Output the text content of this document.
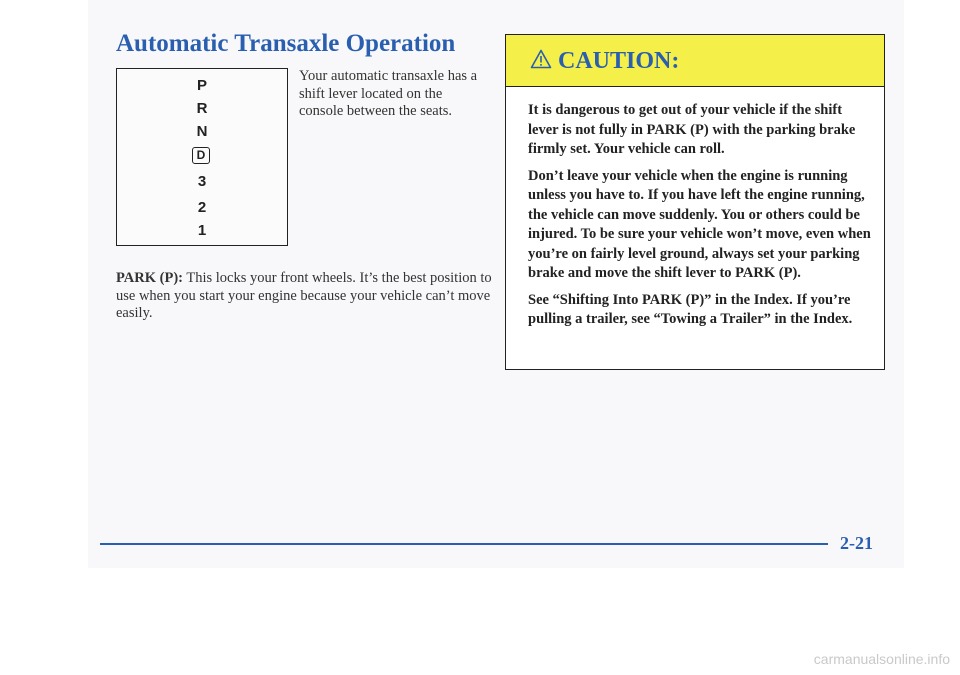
Automatic Transaxle Operation
P
R
N
D
3
2
1

Your automatic transaxle has a shift lever located on the console between the seats.

PARK (P): This locks your front wheels. It’s the best position to use when you start your engine because your vehicle can’t move easily.

CAUTION:

It is dangerous to get out of your vehicle if the shift lever is not fully in PARK (P) with the parking brake firmly set. Your vehicle can roll.

Don’t leave your vehicle when the engine is running unless you have to. If you have left the engine running, the vehicle can move suddenly. You or others could be injured. To be sure your vehicle won’t move, even when you’re on fairly level ground, always set your parking brake and move the shift lever to PARK (P).

See “Shifting Into PARK (P)” in the Index. If you’re pulling a trailer, see “Towing a Trailer” in the Index.

2-21
carmanualsonline.info
